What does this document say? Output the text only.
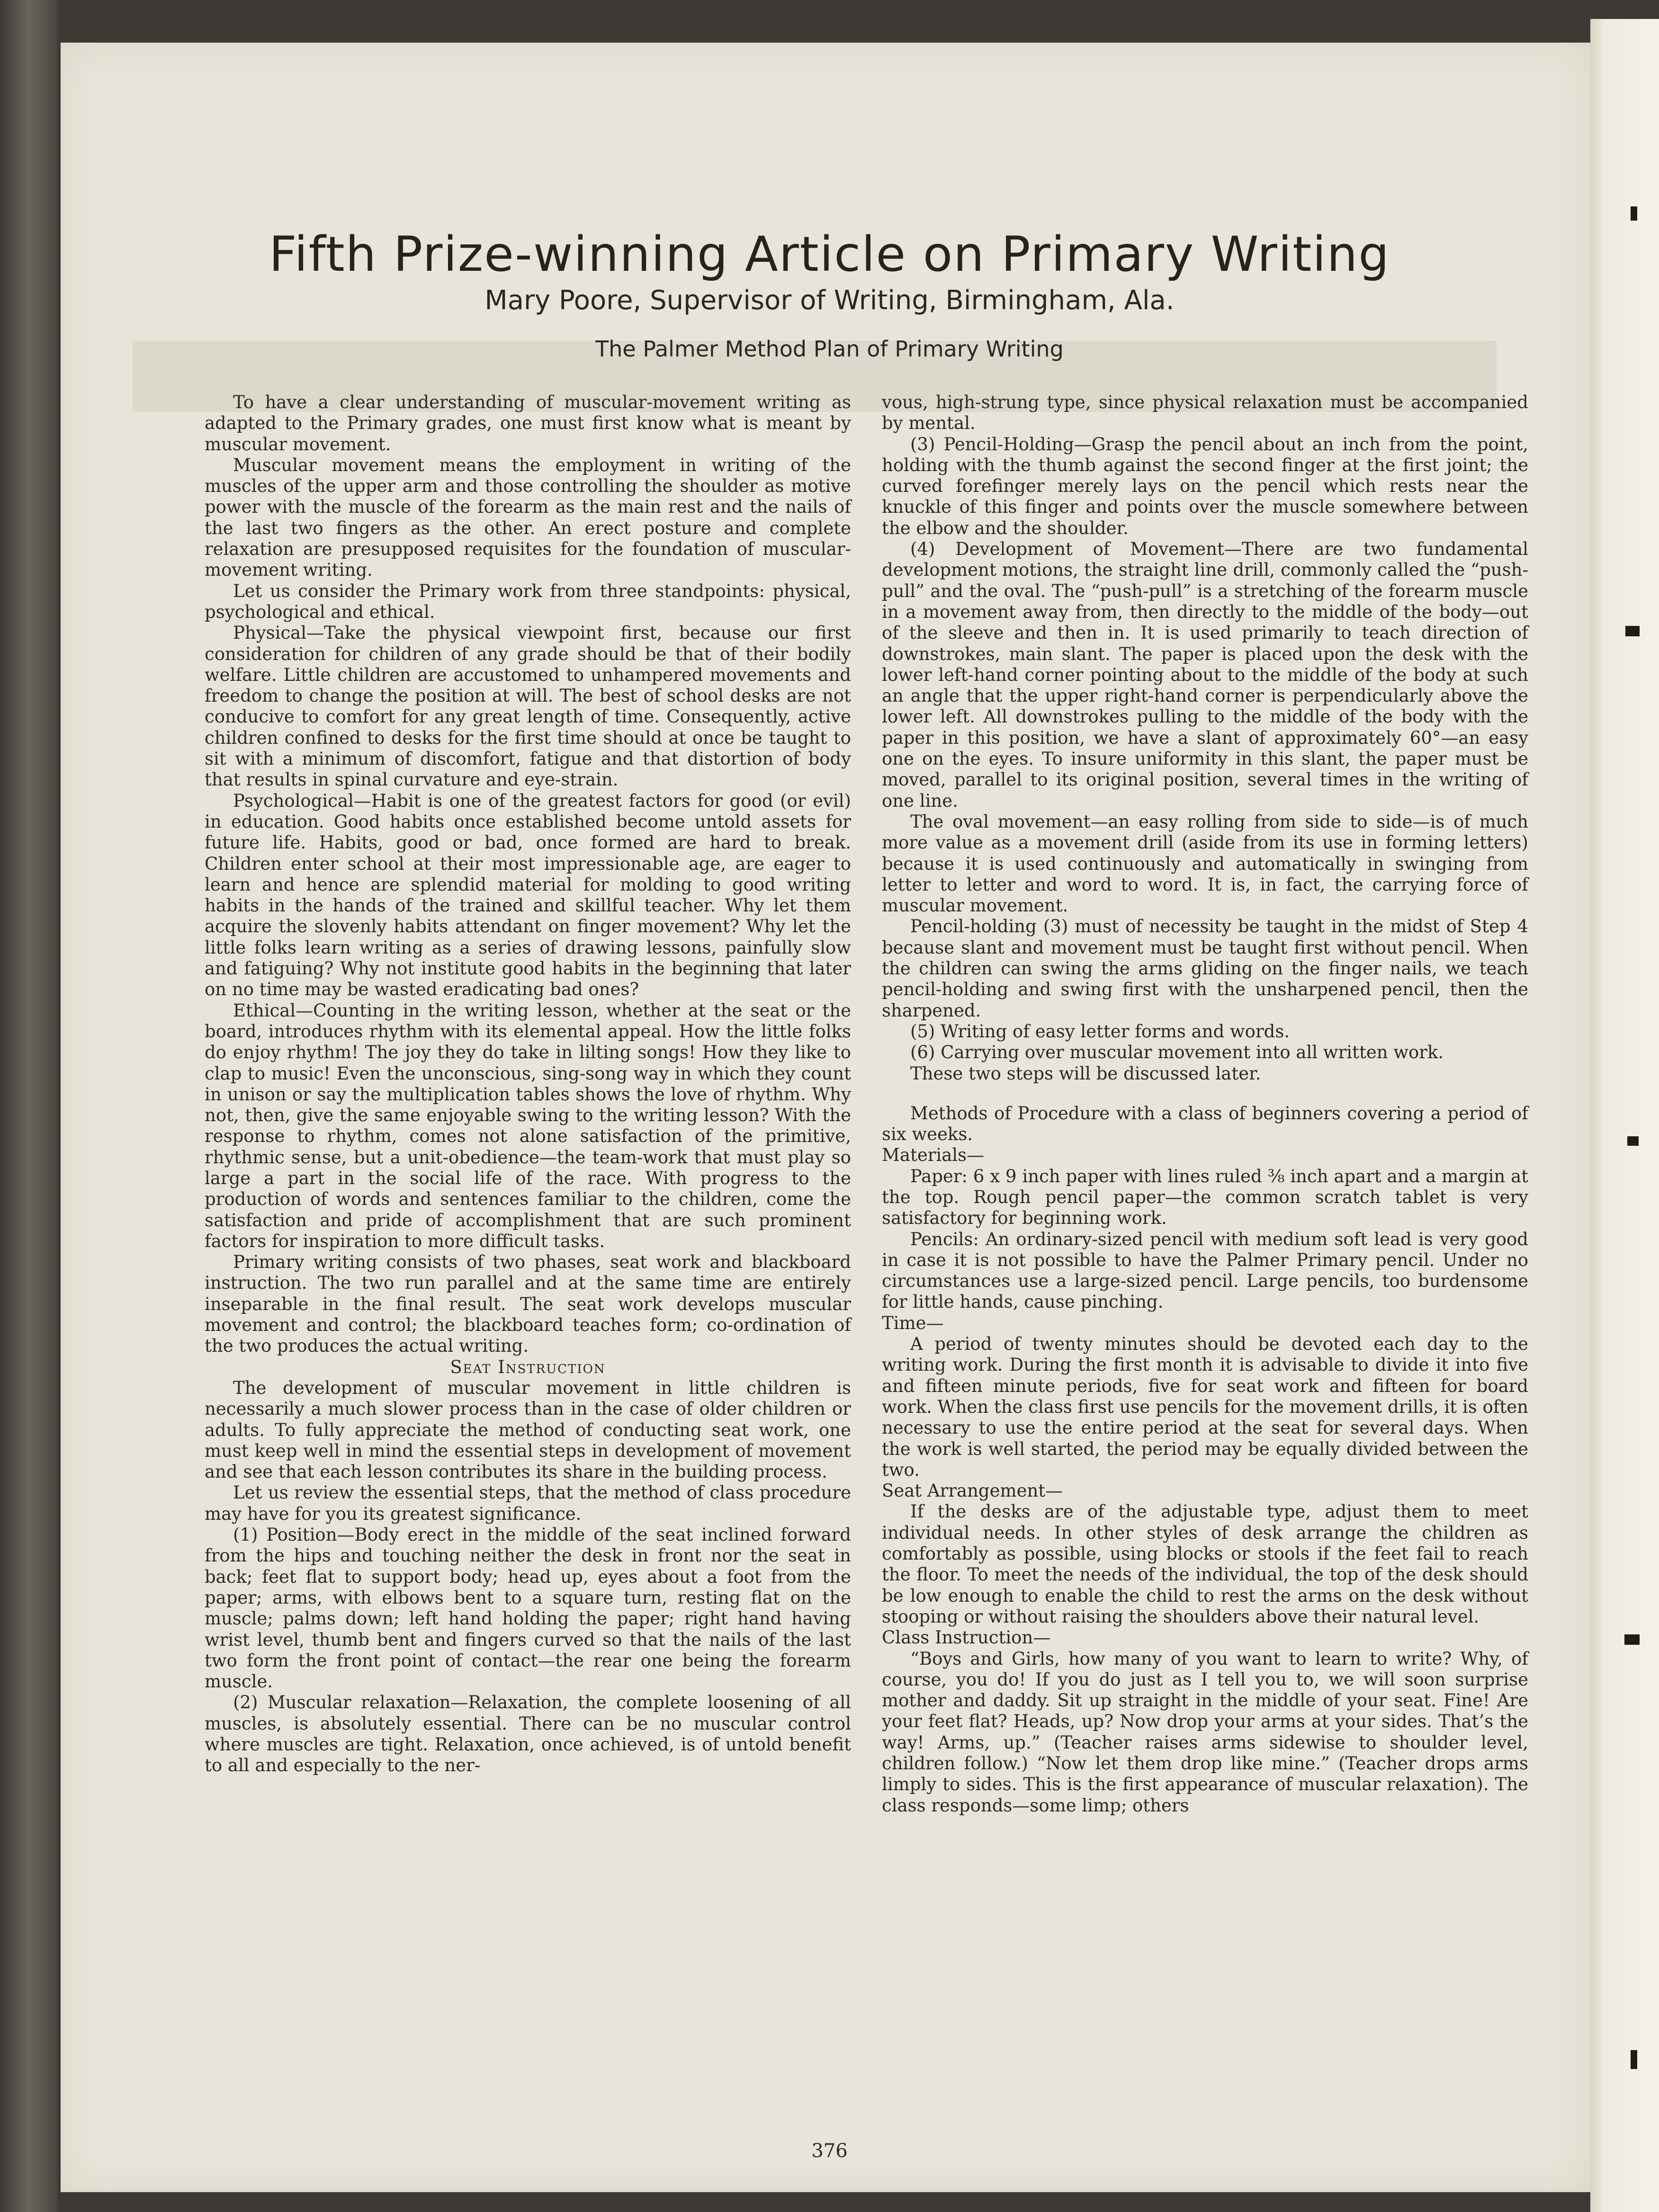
Fifth Prize-winning Article on Primary Writing
Mary Poore, Supervisor of Writing, Birmingham, Ala.
The Palmer Method Plan of Primary Writing

To have a clear understanding of muscular-movement writing as adapted to the Primary grades, one must first know what is meant by muscular movement.

Muscular movement means the employment in writing of the muscles of the upper arm and those controlling the shoulder as motive power with the muscle of the forearm as the main rest and the nails of the last two fingers as the other. An erect posture and complete relaxation are presupposed requisites for the foundation of muscular-movement writing.

Let us consider the Primary work from three standpoints: physical, psychological and ethical.

Physical—Take the physical viewpoint first, because our first consideration for children of any grade should be that of their bodily welfare. Little children are accustomed to unhampered movements and freedom to change the position at will. The best of school desks are not conducive to comfort for any great length of time. Consequently, active children confined to desks for the first time should at once be taught to sit with a minimum of discomfort, fatigue and that distortion of body that results in spinal curvature and eye-strain.

Psychological—Habit is one of the greatest factors for good (or evil) in education. Good habits once established become untold assets for future life. Habits, good or bad, once formed are hard to break. Children enter school at their most impressionable age, are eager to learn and hence are splendid material for molding to good writing habits in the hands of the trained and skillful teacher. Why let them acquire the slovenly habits attendant on finger movement? Why let the little folks learn writing as a series of drawing lessons, painfully slow and fatiguing? Why not institute good habits in the beginning that later on no time may be wasted eradicating bad ones?

Ethical—Counting in the writing lesson, whether at the seat or the board, introduces rhythm with its elemental appeal. How the little folks do enjoy rhythm! The joy they do take in lilting songs! How they like to clap to music! Even the unconscious, sing-song way in which they count in unison or say the multiplication tables shows the love of rhythm. Why not, then, give the same enjoyable swing to the writing lesson? With the response to rhythm, comes not alone satisfaction of the primitive, rhythmic sense, but a unit-obedience—the team-work that must play so large a part in the social life of the race. With progress to the production of words and sentences familiar to the children, come the satisfaction and pride of accomplishment that are such prominent factors for inspiration to more difficult tasks.

Primary writing consists of two phases, seat work and blackboard instruction. The two run parallel and at the same time are entirely inseparable in the final result. The seat work develops muscular movement and control; the blackboard teaches form; co-ordination of the two produces the actual writing.

Seat Instruction

The development of muscular movement in little children is necessarily a much slower process than in the case of older children or adults. To fully appreciate the method of conducting seat work, one must keep well in mind the essential steps in development of movement and see that each lesson contributes its share in the building process.

Let us review the essential steps, that the method of class procedure may have for you its greatest significance.

(1) Position—Body erect in the middle of the seat inclined forward from the hips and touching neither the desk in front nor the seat in back; feet flat to support body; head up, eyes about a foot from the paper; arms, with elbows bent to a square turn, resting flat on the muscle; palms down; left hand holding the paper; right hand having wrist level, thumb bent and fingers curved so that the nails of the last two form the front point of contact—the rear one being the forearm muscle.

(2) Muscular relaxation—Relaxation, the complete loosening of all muscles, is absolutely essential. There can be no muscular control where muscles are tight. Relaxation, once achieved, is of untold benefit to all and especially to the ner-

vous, high-strung type, since physical relaxation must be accompanied by mental.

(3) Pencil-Holding—Grasp the pencil about an inch from the point, holding with the thumb against the second finger at the first joint; the curved forefinger merely lays on the pencil which rests near the knuckle of this finger and points over the muscle somewhere between the elbow and the shoulder.

(4) Development of Movement—There are two fundamental development motions, the straight line drill, commonly called the “push-pull” and the oval. The “push-pull” is a stretching of the forearm muscle in a movement away from, then directly to the middle of the body—out of the sleeve and then in. It is used primarily to teach direction of downstrokes, main slant. The paper is placed upon the desk with the lower left-hand corner pointing about to the middle of the body at such an angle that the upper right-hand corner is perpendicularly above the lower left. All downstrokes pulling to the middle of the body with the paper in this position, we have a slant of approximately 60°—an easy one on the eyes. To insure uniformity in this slant, the paper must be moved, parallel to its original position, several times in the writing of one line.

The oval movement—an easy rolling from side to side—is of much more value as a movement drill (aside from its use in forming letters) because it is used continuously and automatically in swinging from letter to letter and word to word. It is, in fact, the carrying force of muscular movement.

Pencil-holding (3) must of necessity be taught in the midst of Step 4 because slant and movement must be taught first without pencil. When the children can swing the arms gliding on the finger nails, we teach pencil-holding and swing first with the unsharpened pencil, then the sharpened.

(5) Writing of easy letter forms and words.

(6) Carrying over muscular movement into all written work.

These two steps will be discussed later.

Methods of Procedure with a class of beginners covering a period of six weeks.

Materials—

Paper: 6 x 9 inch paper with lines ruled ⅜ inch apart and a margin at the top. Rough pencil paper—the common scratch tablet is very satisfactory for beginning work.

Pencils: An ordinary-sized pencil with medium soft lead is very good in case it is not possible to have the Palmer Primary pencil. Under no circumstances use a large-sized pencil. Large pencils, too burdensome for little hands, cause pinching.

Time—

A period of twenty minutes should be devoted each day to the writing work. During the first month it is advisable to divide it into five and fifteen minute periods, five for seat work and fifteen for board work. When the class first use pencils for the movement drills, it is often necessary to use the entire period at the seat for several days. When the work is well started, the period may be equally divided between the two.

Seat Arrangement—

If the desks are of the adjustable type, adjust them to meet individual needs. In other styles of desk arrange the children as comfortably as possible, using blocks or stools if the feet fail to reach the floor. To meet the needs of the individual, the top of the desk should be low enough to enable the child to rest the arms on the desk without stooping or without raising the shoulders above their natural level.

Class Instruction—

“Boys and Girls, how many of you want to learn to write? Why, of course, you do! If you do just as I tell you to, we will soon surprise mother and daddy. Sit up straight in the middle of your seat. Fine! Are your feet flat? Heads, up? Now drop your arms at your sides. That’s the way! Arms, up.” (Teacher raises arms sidewise to shoulder level, children follow.) “Now let them drop like mine.” (Teacher drops arms limply to sides. This is the first appearance of muscular relaxation). The class responds—some limp; others

376
